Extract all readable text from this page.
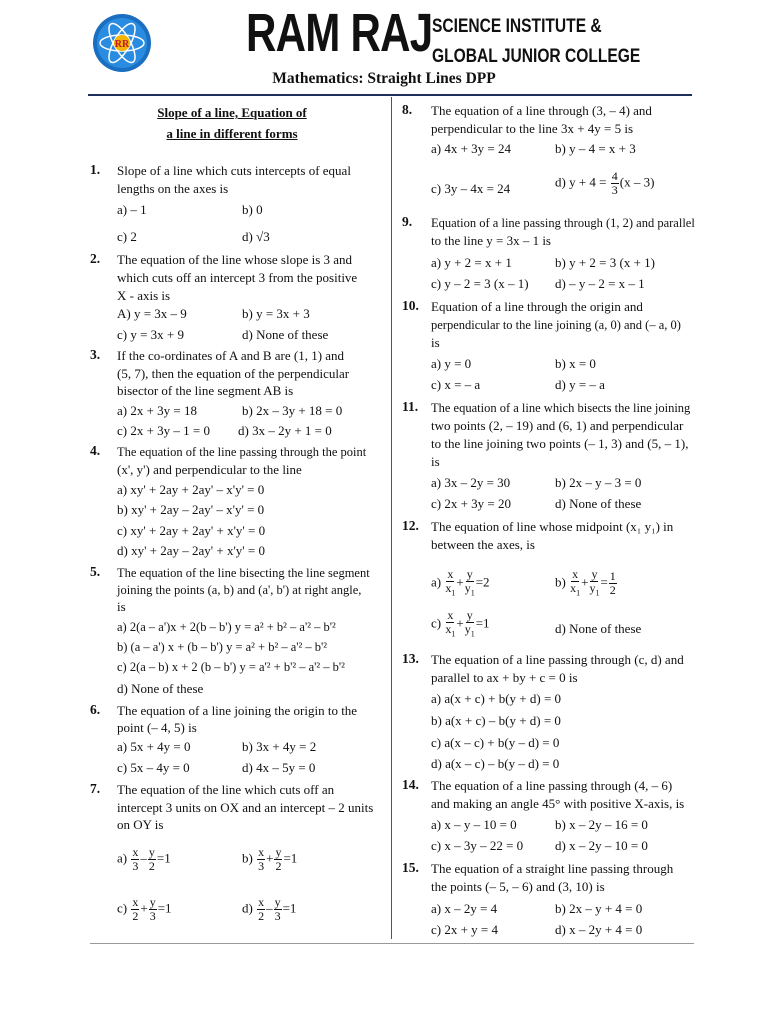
RR RAM RAJ SCIENCE INSTITUTE &
GLOBAL JUNIOR COLLEGE
Mathematics: Straight Lines DPP
Slope of a line, Equation of
a line in different forms
1. Slope of a line which cuts intercepts of equal
lengths on the axes is
a) – 1	b) 0
c) 2	d) √3
2. The equation of the line whose slope is 3 and
which cuts off an intercept 3 from the positive
X - axis is
A) y = 3x – 9	b) y = 3x + 3
c) y = 3x + 9	d) None of these
3. If the co-ordinates of A and B are (1, 1) and
(5, 7), then the equation of the perpendicular
bisector of the line segment AB is
a) 2x + 3y = 18	b) 2x – 3y + 18 = 0
c) 2x + 3y – 1 = 0 d) 3x – 2y + 1 = 0
4. The equation of the line passing through the point
(x', y') and perpendicular to the line
a) xy' + 2ay + 2ay' – x'y' = 0
b) xy' + 2ay – 2ay' – x'y' = 0
c) xy' + 2ay + 2ay' + x'y' = 0
d) xy' + 2ay – 2ay' + x'y' = 0
5. The equation of the line bisecting the line segment
joining the points (a, b) and (a', b') at right angle,
is
a) 2(a – a')x + 2(b – b') y = a² + b² – a'² – b'²
b) (a – a') x + (b – b') y = a² + b² – a'² – b'²
c) 2(a – b) x + 2 (b – b') y = a'² + b'² – a'² – b'²
d) None of these
6. The equation of a line joining the origin to the
point (– 4, 5) is
a) 5x + 4y = 0	b) 3x + 4y = 2
c) 5x – 4y = 0	d) 4x – 5y = 0
7. The equation of the line which cuts off an
intercept 3 units on OX and an intercept – 2 units
on OY is
$a) \frac{x}{3} - \frac{y}{2} =1$	$b) \frac{x}{3} + \frac{y}{2} =1$
$c) \frac{x}{2} + \frac{y}{3} =1$	$d) \frac{x}{2} - \frac{y}{3} =1$
8. The equation of a line through (3, – 4) and
perpendicular to the line 3x + 4y = 5 is
a) 4x + 3y = 24	b) y – 4 = x + 3
c) 3y – 4x = 24	d) $y + 4 = \frac{4}{3} (x - 3)$
9. Equation of a line passing through (1, 2) and parallel
to the line y = 3x – 1 is
a) y + 2 = x + 1	b) y + 2 = 3 (x + 1)
c) y – 2 = 3 (x – 1) d) – y – 2 = x – 1
10. Equation of a line through the origin and
perpendicular to the line joining (a, 0) and (– a, 0)
is
a) y = 0	b) x = 0
c) x = – a	d) y = – a
11. The equation of a line which bisects the line joining
two points (2, – 19) and (6, 1) and perpendicular
to the line joining two points (– 1, 3) and (5, – 1),
is
a) 3x – 2y = 30	b) 2x – y – 3 = 0
c) 2x + 3y = 20	d) None of these
12. The equation of line whose midpoint (x₁ y₁) in
between the axes, is
$a) \frac{x}{x_1} + \frac{y}{y_1} =2$	$b) \frac{x}{x_1} + \frac{y}{y_1} = \frac{1}{2}$
$c) \frac{x}{x_1} + \frac{y}{y_1} =1$	d) None of these
13. The equation of a line passing through (c, d) and
parallel to ax + by + c = 0 is
a) a(x + c) + b(y + d) = 0
b) a(x + c) – b(y + d) = 0
c) a(x – c) + b(y – d) = 0
d) a(x – c) – b(y – d) = 0
14. The equation of a line passing through (4, – 6)
and making an angle 45° with positive X-axis, is
a) x – y – 10 = 0	b) x – 2y – 16 = 0
c) x – 3y – 22 = 0 d) x – 2y – 10 = 0
15. The equation of a straight line passing through
the points (– 5, – 6) and (3, 10) is
a) x – 2y = 4	b) 2x – y + 4 = 0
c) 2x + y = 4	d) x – 2y + 4 = 0
